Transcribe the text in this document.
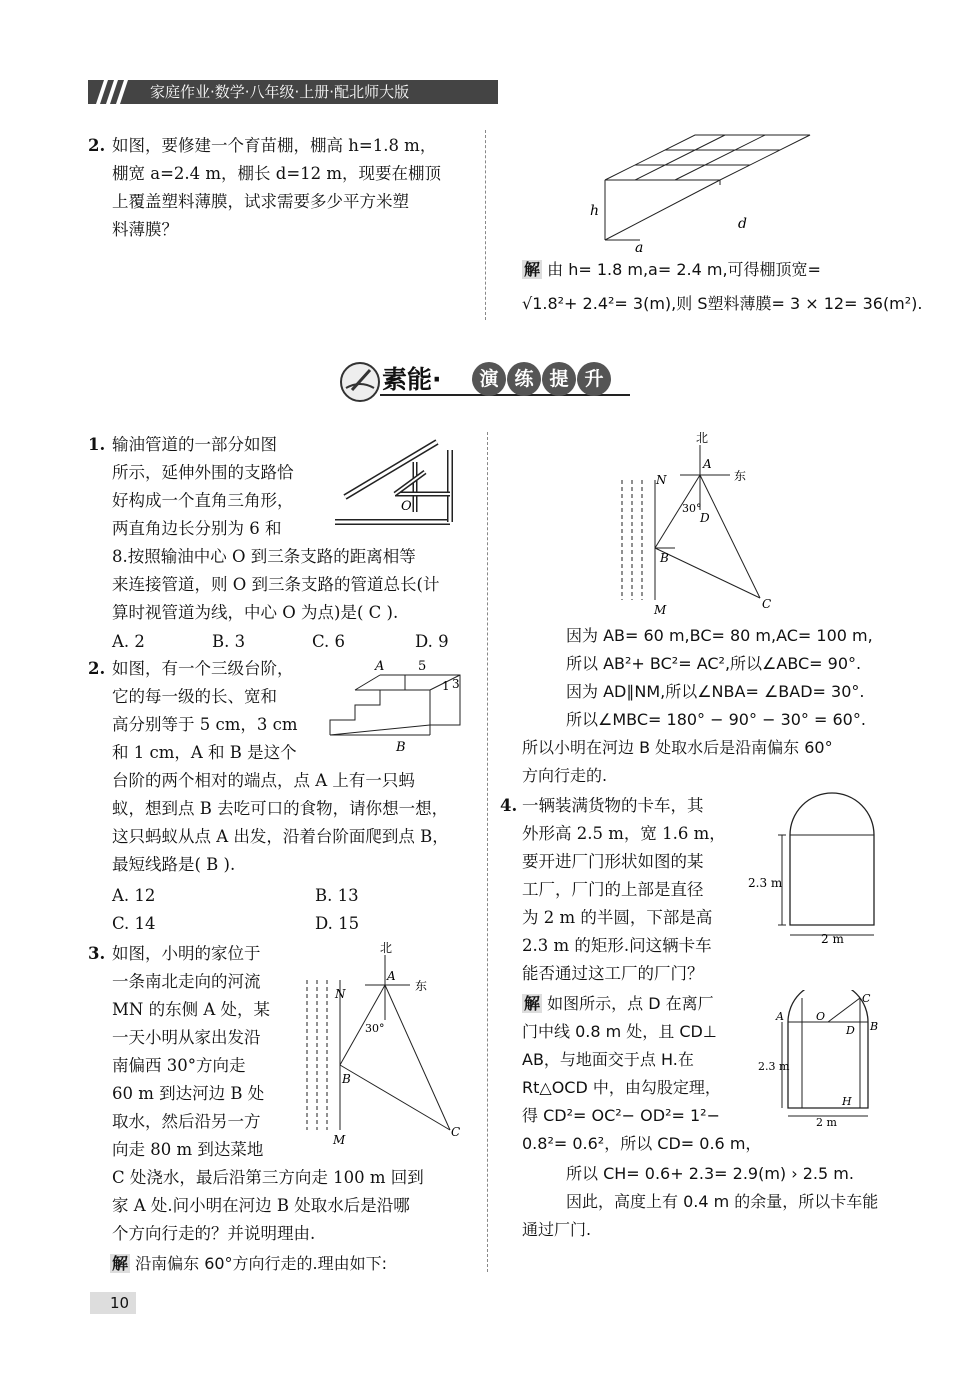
家庭作业·数学·八年级·上册·配北师大版
2. 如图，要修建一个育苗棚，棚高 h=1.8 m，
棚宽 a=2.4 m，棚长 d=12 m，现要在棚顶
上覆盖塑料薄膜，试求需要多少平方米塑
料薄膜？
h
a
d
解 由 h= 1.8 m,a= 2.4 m,可得棚顶宽=
√1.8²+ 2.4²= 3(m),则 S塑料薄膜= 3 × 12= 36(m²).
素能·	演 练 提 升
1. 输油管道的一部分如图
所示，延伸外围的支路恰
好构成一个直角三角形，
两直角边长分别为 6 和
8.按照输油中心 O 到三条支路的距离相等
来连接管道，则 O 到三条支路的管道总长(计
算时视管道为线，中心 O 为点)是( C ).
A. 2	B. 3	C. 6	D. 9
O
2. 如图，有一个三级台阶，
它的每一级的长、宽和
高分别等于 5 cm，3 cm
和 1 cm，A 和 B 是这个
台阶的两个相对的端点，点 A 上有一只蚂
蚁，想到点 B 去吃可口的食物，请你想一想，
这只蚂蚁从点 A 出发，沿着台阶面爬到点 B，
最短线路是( B ).
A. 12	B. 13
C. 14	D. 15
A	5
1 3
B
3. 如图，小明的家位于
一条南北走向的河流
MN 的东侧 A 处，某
一天小明从家出发沿
南偏西 30°方向走
60 m 到达河边 B 处
取水，然后沿另一方
向走 80 m 到达菜地
C 处浇水，最后沿第三方向走 100 m 回到
家 A 处.问小明在河边 B 处取水后是沿哪
个方向行走的？并说明理由.
解 沿南偏东 60°方向行走的.理由如下:
北
东
A
B
C
N
M
30°
北
东
A
D
B
C
N
M
30°
因为 AB= 60 m,BC= 80 m,AC= 100 m,
所以 AB²+ BC²= AC²,所以∠ABC= 90°.
因为 AD∥NM,所以∠NBA= ∠BAD= 30°.
所以∠MBC= 180° − 90° − 30° = 60°.
所以小明在河边 B 处取水后是沿南偏东 60°
方向行走的.
4. 一辆装满货物的卡车，其
外形高 2.5 m，宽 1.6 m，
要开进厂门形状如图的某
工厂，厂门的上部是直径
为 2 m 的半圆，下部是高
2.3 m 的矩形.问这辆卡车
能否通过这工厂的厂门？
2.3 m
2 m
解 如图所示，点 D 在离厂
门中线 0.8 m 处，且 CD⊥
AB，与地面交于点 H.在
Rt△OCD 中，由勾股定理，
得 CD²= OC²− OD²= 1²−
0.8²= 0.6²，所以 CD= 0.6 m，
所以 CH= 0.6+ 2.3= 2.9(m) › 2.5 m.
因此，高度上有 0.4 m 的余量，所以卡车能
通过厂门.
C
A
B
D
O
H
2.3 m
2 m
10
